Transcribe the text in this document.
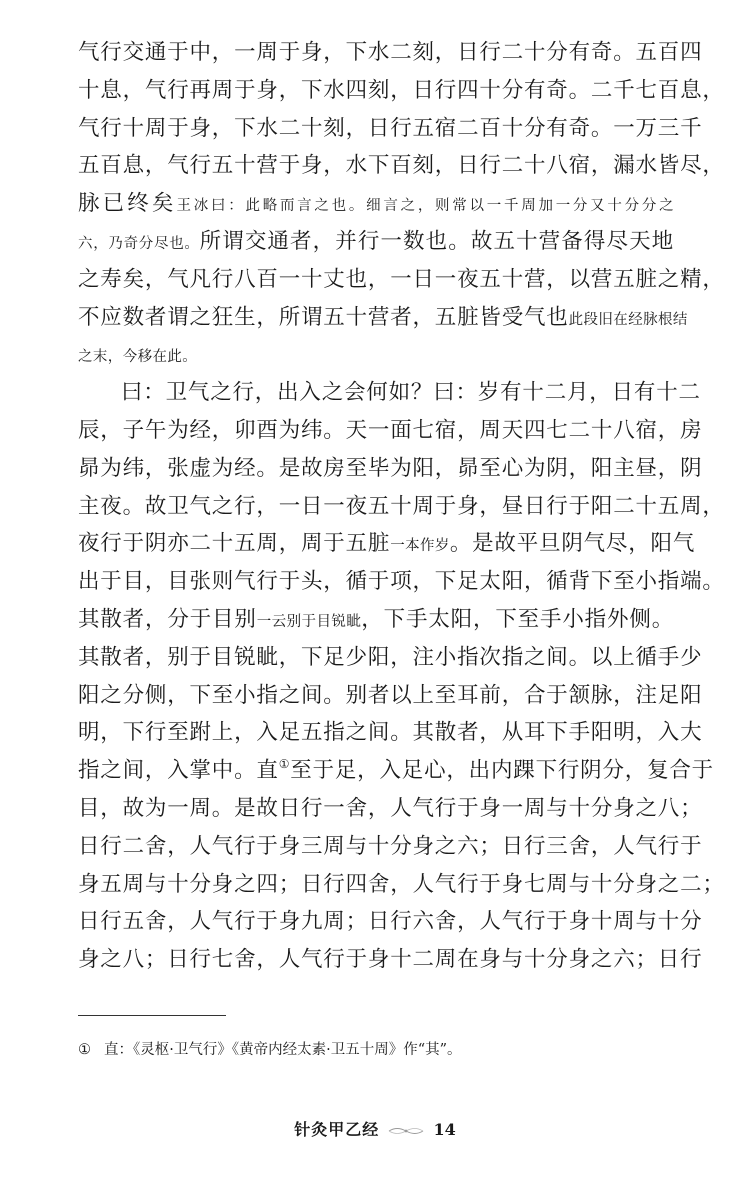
气行交通于中，一周于身，下水二刻，日行二十分有奇。五百四
十息，气行再周于身，下水四刻，日行四十分有奇。二千七百息，
气行十周于身，下水二十刻，日行五宿二百十分有奇。一万三千
五百息，气行五十营于身，水下百刻，日行二十八宿，漏水皆尽，
脉已终矣王冰曰：此略而言之也。细言之，则常以一千周加一分又十分分之
六，乃奇分尽也。所谓交通者，并行一数也。故五十营备得尽天地
之寿矣，气凡行八百一十丈也，一日一夜五十营，以营五脏之精，
不应数者谓之狂生，所谓五十营者，五脏皆受气也此段旧在经脉根结
之末，今移在此。
曰：卫气之行，出入之会何如？曰：岁有十二月，日有十二
辰，子午为经，卯酉为纬。天一面七宿，周天四七二十八宿，房
昴为纬，张虚为经。是故房至毕为阳，昴至心为阴，阳主昼，阴
主夜。故卫气之行，一日一夜五十周于身，昼日行于阳二十五周，
夜行于阴亦二十五周，周于五脏一本作岁。是故平旦阴气尽，阳气
出于目，目张则气行于头，循于项，下足太阳，循背下至小指端。
其散者，分于目别一云别于目锐眦，下手太阳，下至手小指外侧。
其散者，别于目锐眦，下足少阳，注小指次指之间。以上循手少
阳之分侧，下至小指之间。别者以上至耳前，合于颔脉，注足阳
明，下行至跗上，入足五指之间。其散者，从耳下手阳明，入大
指之间，入掌中。直①至于足，入足心，出内踝下行阴分，复合于
目，故为一周。是故日行一舍，人气行于身一周与十分身之八；
日行二舍，人气行于身三周与十分身之六；日行三舍，人气行于
身五周与十分身之四；日行四舍，人气行于身七周与十分身之二；
日行五舍，人气行于身九周；日行六舍，人气行于身十周与十分
身之八；日行七舍，人气行于身十二周在身与十分身之六；日行
① 直：《灵枢·卫气行》《黄帝内经太素·卫五十周》作“其”。
针灸甲乙经	14
